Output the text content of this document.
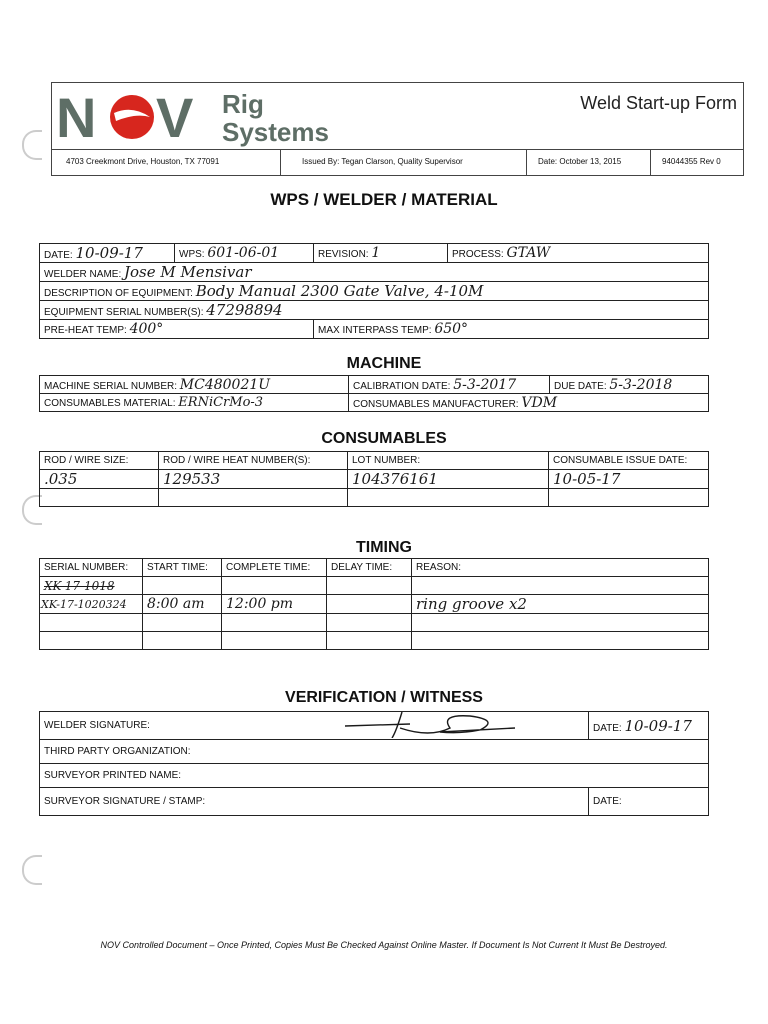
N V Rig
Systems
Weld Start-up Form
4703 Creekmont Drive, Houston, TX 77091	Issued By: Tegan Clarson, Quality Supervisor	Date: October 13, 2015	94044355 Rev 0
WPS / WELDER / MATERIAL
DATE: 10-09-17	WPS: 601-06-01	REVISION: 1	PROCESS: GTAW
WELDER NAME: Jose M Mensivar			
DESCRIPTION OF EQUIPMENT: Body Manual 2300 Gate Valve, 4-10M			
EQUIPMENT SERIAL NUMBER(S): 47298894			
PRE-HEAT TEMP: 400°		MAX INTERPASS TEMP: 650°	
MACHINE
MACHINE SERIAL NUMBER: MC480021U	CALIBRATION DATE: 5-3-2017	DUE DATE: 5-3-2018
CONSUMABLES MATERIAL: ERNiCrMo-3	CONSUMABLES MANUFACTURER: VDM	
CONSUMABLES
ROD / WIRE SIZE:	ROD / WIRE HEAT NUMBER(S):	LOT NUMBER:	CONSUMABLE ISSUE DATE:
.035	129533	104376161	10-05-17

TIMING
SERIAL NUMBER:	START TIME:	COMPLETE TIME:	DELAY TIME:	REASON:
XK-17-1018				
XK-17-1020324	8:00 am	12:00 pm		ring groove x2

VERIFICATION / WITNESS
WELDER SIGNATURE:	DATE: 10-09-17
THIRD PARTY ORGANIZATION:	
SURVEYOR PRINTED NAME:	
SURVEYOR SIGNATURE / STAMP:	DATE:
NOV Controlled Document – Once Printed, Copies Must Be Checked Against Online Master. If Document Is Not Current It Must Be Destroyed.
